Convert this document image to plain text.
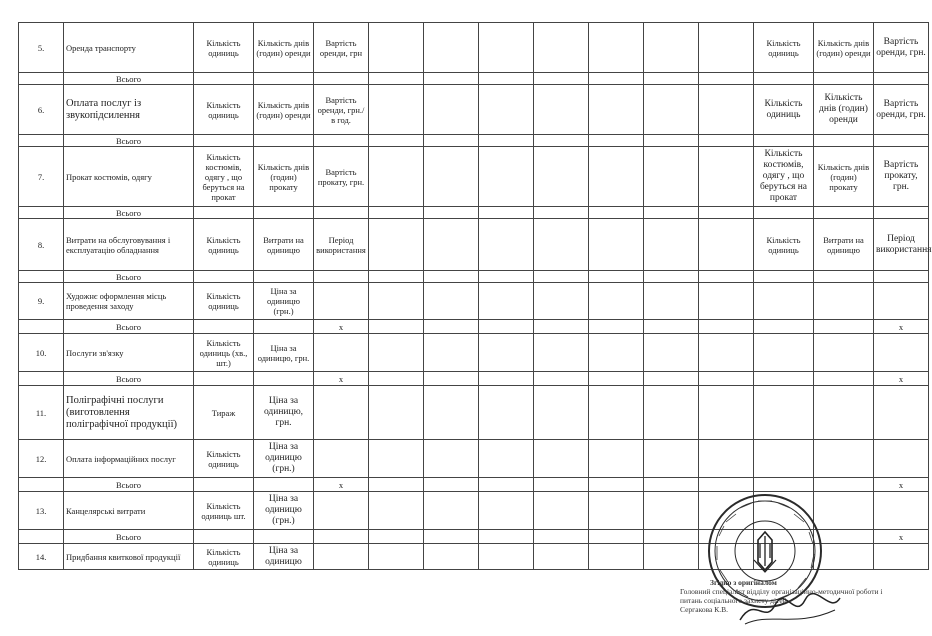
5.	Оренда транспорту	Кількість одиниць	Кількість днів (годин) оренди	Вартість оренди, грн								Кількість одиниць	Кількість днів (годин) оренди	Вартість оренди, грн.
	Всього													
6.	Оплата послуг із звукопідсилення	Кількість одиниць	Кількість днів (годин) оренди	Вартість оренди, грн./ в год.								Кількість одиниць	Кількість днів (годин) оренди	Вартість оренди, грн.
	Всього													
7.	Прокат костюмів, одягу	Кількість костюмів, одягу , що беруться на прокат	Кількість днів (годин) прокату	Вартість прокату, грн.								Кількість костюмів, одягу , що беруться на прокат	Кількість днів (годин) прокату	Вартість прокату, грн.
	Всього													
8.	Витрати на обслуговування і експлуатацію обладнання	Кількість одиниць	Витрати на одиницю	Період використання								Кількість одиниць	Витрати на одиницю	Період використання
	Всього													
9.	Художнє оформлення місць проведення заходу	Кількість одиниць	Ціна за одиницю (грн.)											
	Всього			х										х
10.	Послуги зв'язку	Кількість одиниць (хв., шт.)	Ціна за одиницю, грн.											
	Всього			х										х
11.	Поліграфічні послуги (виготовлення поліграфічної продукції)	Тираж	Ціна за одиницю, грн.											
12.	Оплата інформаційних послуг	Кількість одиниць	Ціна за одиницю (грн.)											
	Всього			х										х
13.	Канцелярські витрати	Кількість одиниць шт.	Ціна за одиницю (грн.)											
	Всього													х
14.	Придбання квиткової продукції	Кількість одиниць	Ціна за одиницю											
Згідно з оригіналом
Головний спеціаліст відділу організаційно-методичної роботи і питань соціального захисту дітей
Сергакова К.В.
